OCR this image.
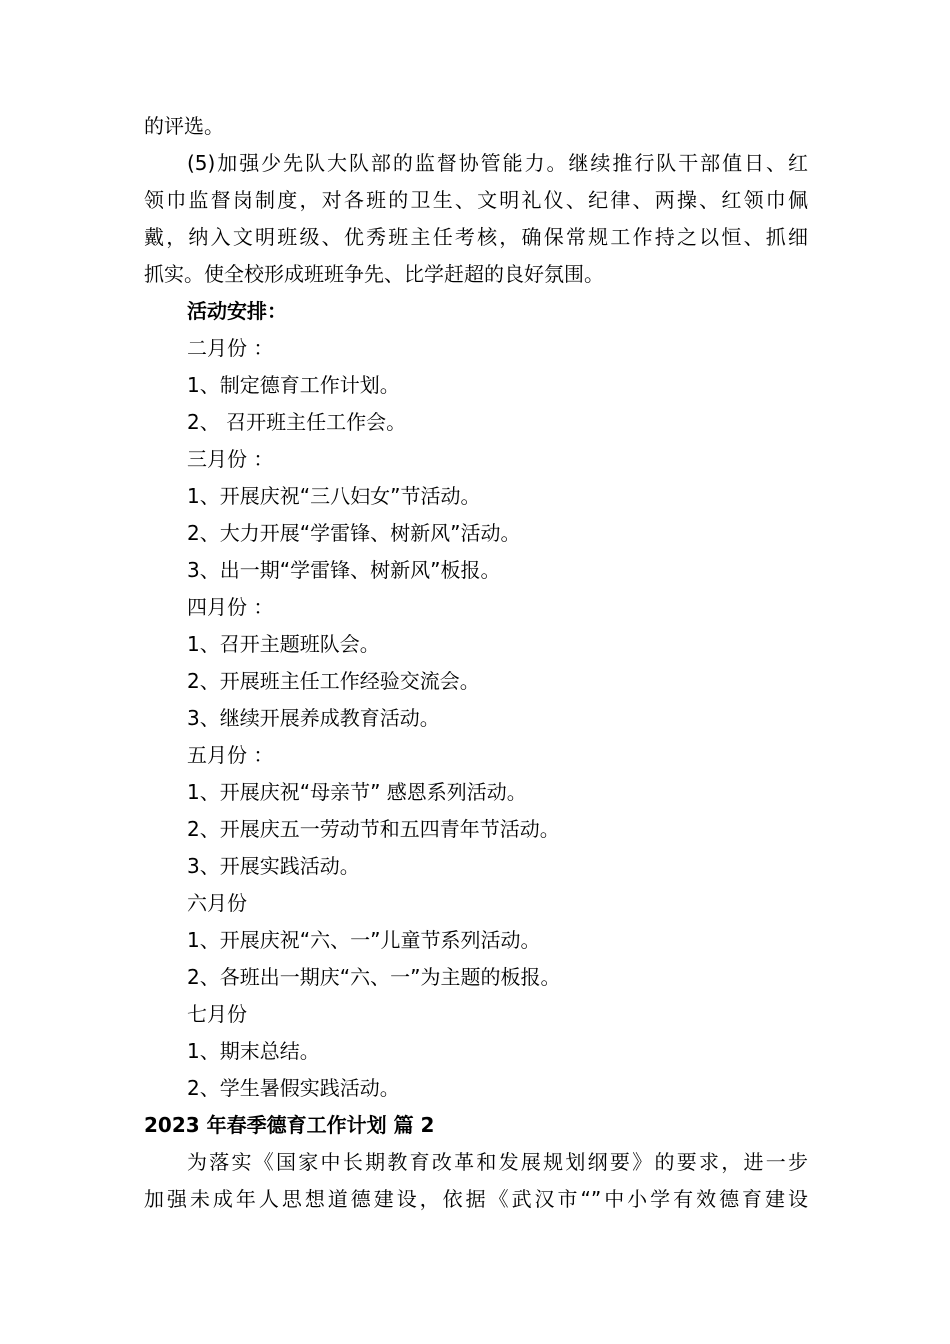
的评选。
(5)加强少先队大队部的监督协管能力。继续推行队干部值日、红
领巾监督岗制度，对各班的卫生、文明礼仪、纪律、两操、红领巾佩
戴，纳入文明班级、优秀班主任考核，确保常规工作持之以恒、抓细
抓实。使全校形成班班争先、比学赶超的良好氛围。
活动安排：
二月份 ：
1、制定德育工作计划。
2、 召开班主任工作会。
三月份 ：
1、开展庆祝“三八妇女”节活动。
2、大力开展“学雷锋、树新风”活动。
3、出一期“学雷锋、树新风”板报。
四月份 ：
1、召开主题班队会。
2、开展班主任工作经验交流会。
3、继续开展养成教育活动。
五月份 ：
1、开展庆祝“母亲节” 感恩系列活动。
2、开展庆五一劳动节和五四青年节活动。
3、开展实践活动。
六月份
1、开展庆祝“六、一”儿童节系列活动。
2、各班出一期庆“六、一”为主题的板报。
七月份
1、期末总结。
2、学生暑假实践活动。
2023 年春季德育工作计划 篇 2
为落实《国家中长期教育改革和发展规划纲要》的要求，进一步
加强未成年人思想道德建设，依据《武汉市“”中小学有效德育建设
